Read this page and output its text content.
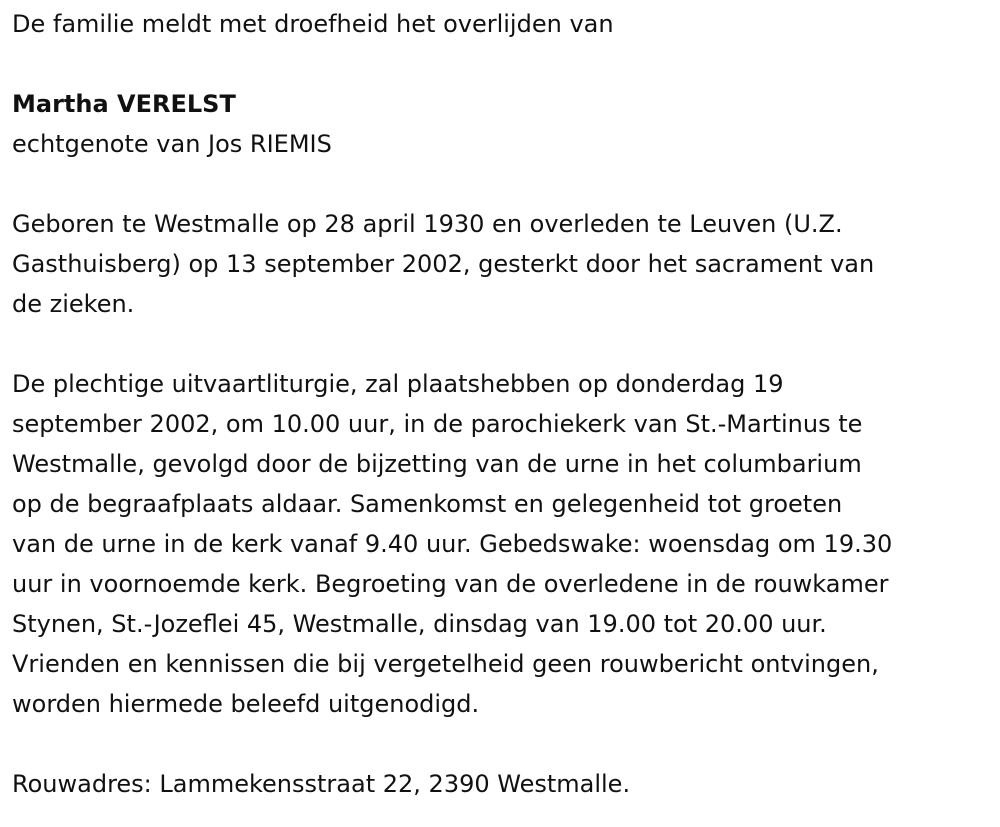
De familie meldt met droefheid het overlijden van

Martha VERELST

echtgenote van Jos RIEMIS

Geboren te Westmalle op 28 april 1930 en overleden te Leuven (U.Z.

Gasthuisberg) op 13 september 2002, gesterkt door het sacrament van

de zieken.

De plechtige uitvaartliturgie, zal plaatshebben op donderdag 19

september 2002, om 10.00 uur, in de parochiekerk van St.-Martinus te

Westmalle, gevolgd door de bijzetting van de urne in het columbarium

op de begraafplaats aldaar. Samenkomst en gelegenheid tot groeten

van de urne in de kerk vanaf 9.40 uur. Gebedswake: woensdag om 19.30

uur in voornoemde kerk. Begroeting van de overledene in de rouwkamer

Stynen, St.-Jozeflei 45, Westmalle, dinsdag van 19.00 tot 20.00 uur.

Vrienden en kennissen die bij vergetelheid geen rouwbericht ontvingen,

worden hiermede beleefd uitgenodigd.

Rouwadres: Lammekensstraat 22, 2390 Westmalle.
